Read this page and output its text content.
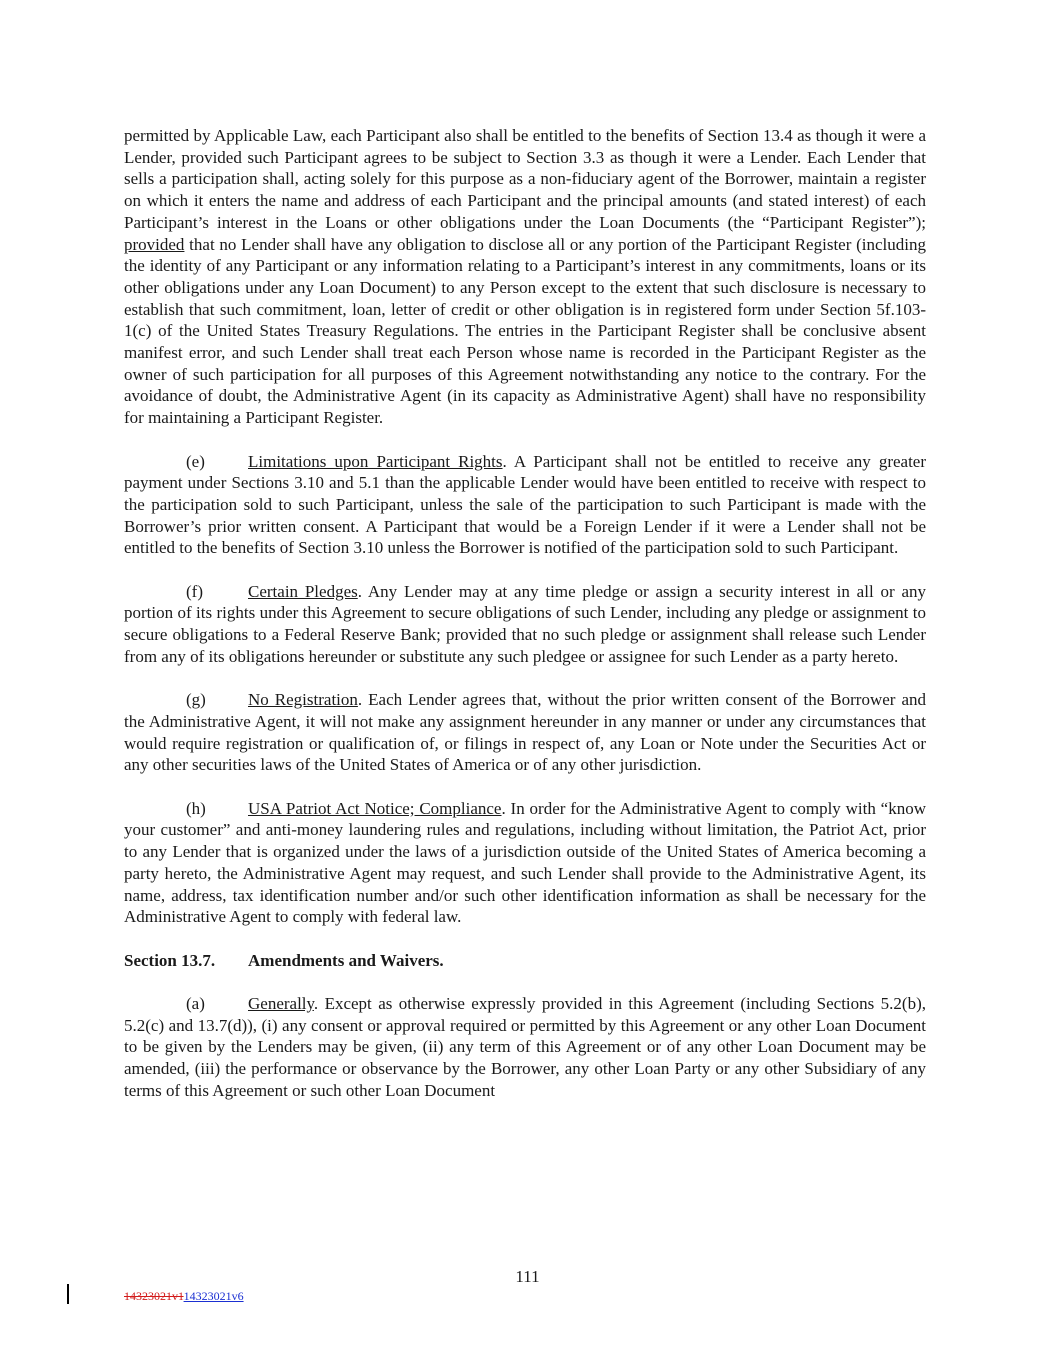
permitted by Applicable Law, each Participant also shall be entitled to the benefits of Section 13.4 as though it were a Lender, provided such Participant agrees to be subject to Section 3.3 as though it were a Lender. Each Lender that sells a participation shall, acting solely for this purpose as a non-fiduciary agent of the Borrower, maintain a register on which it enters the name and address of each Participant and the principal amounts (and stated interest) of each Participant’s interest in the Loans or other obligations under the Loan Documents (the “Participant Register”); provided that no Lender shall have any obligation to disclose all or any portion of the Participant Register (including the identity of any Participant or any information relating to a Participant’s interest in any commitments, loans or its other obligations under any Loan Document) to any Person except to the extent that such disclosure is necessary to establish that such commitment, loan, letter of credit or other obligation is in registered form under Section 5f.103-1(c) of the United States Treasury Regulations. The entries in the Participant Register shall be conclusive absent manifest error, and such Lender shall treat each Person whose name is recorded in the Participant Register as the owner of such participation for all purposes of this Agreement notwithstanding any notice to the contrary. For the avoidance of doubt, the Administrative Agent (in its capacity as Administrative Agent) shall have no responsibility for maintaining a Participant Register.

(e)	Limitations upon Participant Rights. A Participant shall not be entitled to receive any greater payment under Sections 3.10 and 5.1 than the applicable Lender would have been entitled to receive with respect to the participation sold to such Participant, unless the sale of the participation to such Participant is made with the Borrower’s prior written consent. A Participant that would be a Foreign Lender if it were a Lender shall not be entitled to the benefits of Section 3.10 unless the Borrower is notified of the participation sold to such Participant.

(f)	Certain Pledges. Any Lender may at any time pledge or assign a security interest in all or any portion of its rights under this Agreement to secure obligations of such Lender, including any pledge or assignment to secure obligations to a Federal Reserve Bank; provided that no such pledge or assignment shall release such Lender from any of its obligations hereunder or substitute any such pledgee or assignee for such Lender as a party hereto.

(g) No Registration. Each Lender agrees that, without the prior written consent of the Borrower and the Administrative Agent, it will not make any assignment hereunder in any manner or under any circumstances that would require registration or qualification of, or filings in respect of, any Loan or Note under the Securities Act or any other securities laws of the United States of America or of any other jurisdiction.

(h) USA Patriot Act Notice; Compliance. In order for the Administrative Agent to comply with “know your customer” and anti-money laundering rules and regulations, including without limitation, the Patriot Act, prior to any Lender that is organized under the laws of a jurisdiction outside of the United States of America becoming a party hereto, the Administrative Agent may request, and such Lender shall provide to the Administrative Agent, its name, address, tax identification number and/or such other identification information as shall be necessary for the Administrative Agent to comply with federal law.

Section 13.7. Amendments and Waivers.

(a)	Generally. Except as otherwise expressly provided in this Agreement (including Sections 5.2(b), 5.2(c) and 13.7(d)), (i) any consent or approval required or permitted by this Agreement or any other Loan Document to be given by the Lenders may be given, (ii) any term of this Agreement or of any other Loan Document may be amended, (iii) the performance or observance by the Borrower, any other Loan Party or any other Subsidiary of any terms of this Agreement or such other Loan Document

111
14323021v114323021v6
